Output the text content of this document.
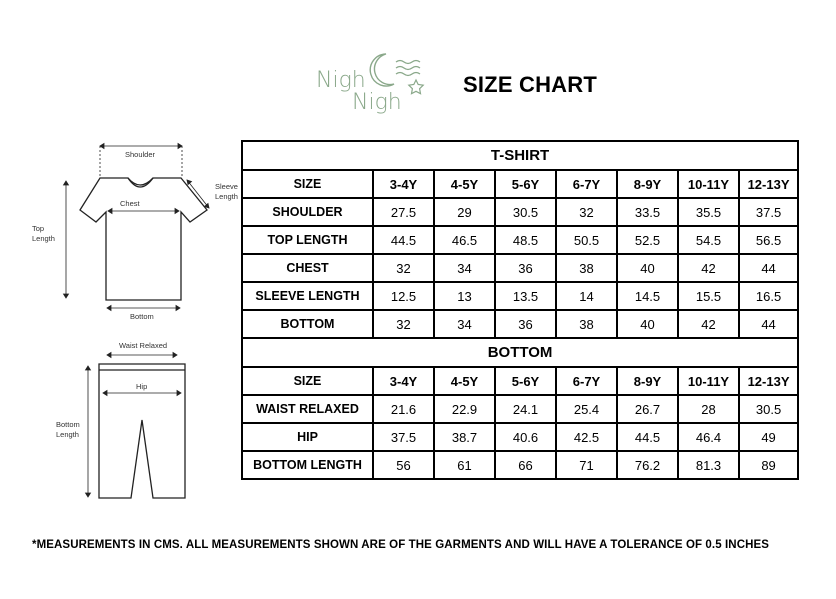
Nigh
Nigh
SIZE CHART
Shoulder
Sleeve
Length
Chest
Top
Length
Bottom
Waist Relaxed
Hip
Bottom
Length
T-SHIRT							
SIZE	3-4Y	4-5Y	5-6Y	6-7Y	8-9Y	10-11Y	12-13Y
SHOULDER	27.5	29	30.5	32	33.5	35.5	37.5
TOP LENGTH	44.5	46.5	48.5	50.5	52.5	54.5	56.5
CHEST	32	34	36	38	40	42	44
SLEEVE LENGTH	12.5	13	13.5	14	14.5	15.5	16.5
BOTTOM	32	34	36	38	40	42	44
BOTTOM							
SIZE	3-4Y	4-5Y	5-6Y	6-7Y	8-9Y	10-11Y	12-13Y
WAIST RELAXED	21.6	22.9	24.1	25.4	26.7	28	30.5
HIP	37.5	38.7	40.6	42.5	44.5	46.4	49
BOTTOM LENGTH	56	61	66	71	76.2	81.3	89
*MEASUREMENTS IN CMS. ALL MEASUREMENTS SHOWN ARE OF THE GARMENTS AND WILL HAVE A TOLERANCE OF 0.5 INCHES
